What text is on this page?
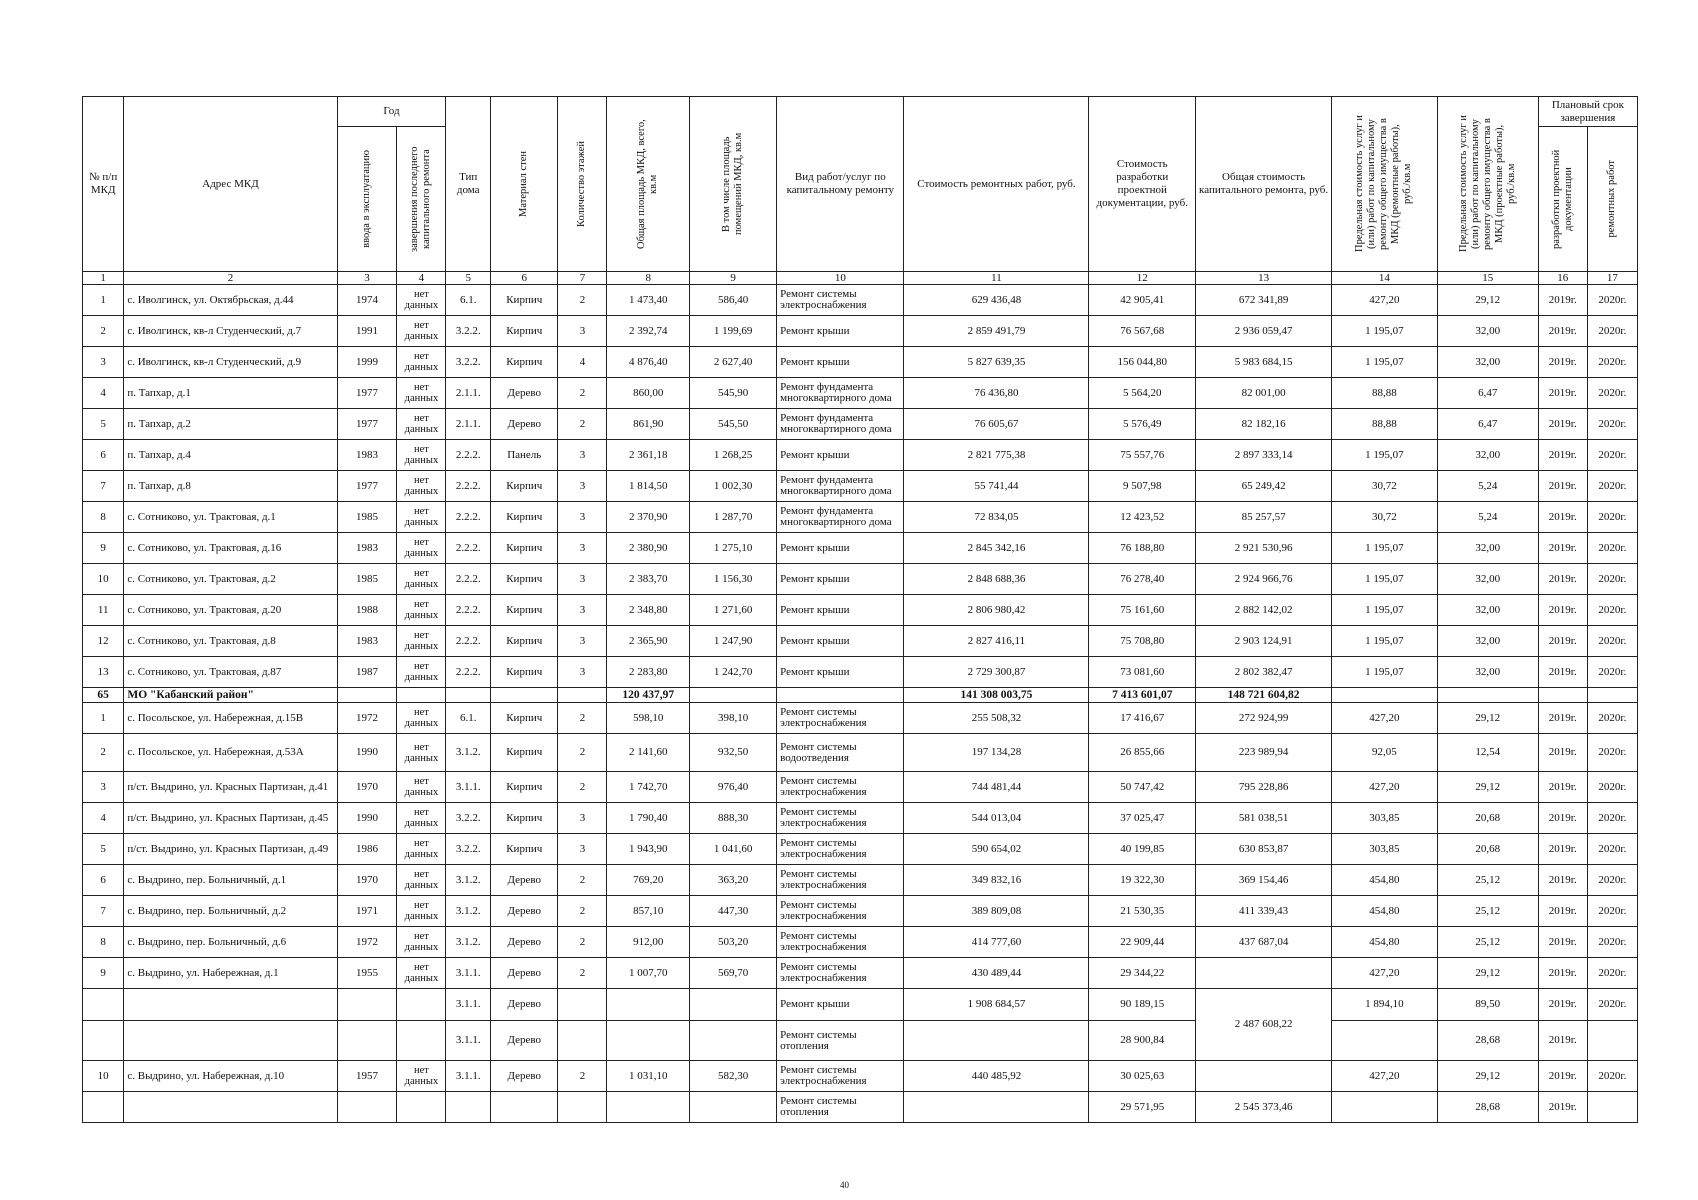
№ п/п МКД	Адрес МКД	Год		Тип дома	Материал стен	Количество этажей	Общая площадь МКД, всего, кв.м	В том числе площадь помещений МКД, кв.м	Вид работ/услуг по капитальному ремонту	Стоимость ремонтных работ, руб.	Стоимость разработки проектной документации, руб.	Общая стоимость капитального ремонта, руб.	Предельная стоимость услуг и (или) работ по капитальному ремонту общего имущества в МКД (ремонтные работы), руб./кв.м	Предельная стоимость услуг и (или) работ по капитальному ремонту общего имущества в МКД (проектные работы), руб./кв.м	Плановый срок завершения	

		ввода в эксплуатацию	завершения последнего капитального ремонта												разработки проектной документации	ремонтных работ

1	2	3	4	5	6	7	8	9	10	11	12	13	14	15	16	17
1	с. Иволгинск, ул. Октябрьская, д.44	1974	нет данных	6.1.	Кирпич	2	1 473,40	586,40	Ремонт системы электроснабжения	629 436,48	42 905,41	672 341,89	427,20	29,12	2019г.	2020г.
2	с. Иволгинск, кв-л Студенческий, д.7	1991	нет данных	3.2.2.	Кирпич	3	2 392,74	1 199,69	Ремонт крыши	2 859 491,79	76 567,68	2 936 059,47	1 195,07	32,00	2019г.	2020г.
3	с. Иволгинск, кв-л Студенческий, д.9	1999	нет данных	3.2.2.	Кирпич	4	4 876,40	2 627,40	Ремонт крыши	5 827 639,35	156 044,80	5 983 684,15	1 195,07	32,00	2019г.	2020г.
4	п. Тапхар, д.1	1977	нет данных	2.1.1.	Дерево	2	860,00	545,90	Ремонт фундамента многоквартирного дома	76 436,80	5 564,20	82 001,00	88,88	6,47	2019г.	2020г.
5	п. Тапхар, д.2	1977	нет данных	2.1.1.	Дерево	2	861,90	545,50	Ремонт фундамента многоквартирного дома	76 605,67	5 576,49	82 182,16	88,88	6,47	2019г.	2020г.
6	п. Тапхар, д.4	1983	нет данных	2.2.2.	Панель	3	2 361,18	1 268,25	Ремонт крыши	2 821 775,38	75 557,76	2 897 333,14	1 195,07	32,00	2019г.	2020г.
7	п. Тапхар, д.8	1977	нет данных	2.2.2.	Кирпич	3	1 814,50	1 002,30	Ремонт фундамента многоквартирного дома	55 741,44	9 507,98	65 249,42	30,72	5,24	2019г.	2020г.
8	с. Сотниково, ул. Трактовая, д.1	1985	нет данных	2.2.2.	Кирпич	3	2 370,90	1 287,70	Ремонт фундамента многоквартирного дома	72 834,05	12 423,52	85 257,57	30,72	5,24	2019г.	2020г.
9	с. Сотниково, ул. Трактовая, д.16	1983	нет данных	2.2.2.	Кирпич	3	2 380,90	1 275,10	Ремонт крыши	2 845 342,16	76 188,80	2 921 530,96	1 195,07	32,00	2019г.	2020г.
10	с. Сотниково, ул. Трактовая, д.2	1985	нет данных	2.2.2.	Кирпич	3	2 383,70	1 156,30	Ремонт крыши	2 848 688,36	76 278,40	2 924 966,76	1 195,07	32,00	2019г.	2020г.
11	с. Сотниково, ул. Трактовая, д.20	1988	нет данных	2.2.2.	Кирпич	3	2 348,80	1 271,60	Ремонт крыши	2 806 980,42	75 161,60	2 882 142,02	1 195,07	32,00	2019г.	2020г.
12	с. Сотниково, ул. Трактовая, д.8	1983	нет данных	2.2.2.	Кирпич	3	2 365,90	1 247,90	Ремонт крыши	2 827 416,11	75 708,80	2 903 124,91	1 195,07	32,00	2019г.	2020г.
13	с. Сотниково, ул. Трактовая, д.87	1987	нет данных	2.2.2.	Кирпич	3	2 283,80	1 242,70	Ремонт крыши	2 729 300,87	73 081,60	2 802 382,47	1 195,07	32,00	2019г.	2020г.
65	МО "Кабанский район"						120 437,97			141 308 003,75	7 413 601,07	148 721 604,82				
1	с. Посольское, ул. Набережная, д.15В	1972	нет данных	6.1.	Кирпич	2	598,10	398,10	Ремонт системы электроснабжения	255 508,32	17 416,67	272 924,99	427,20	29,12	2019г.	2020г.
2	с. Посольское, ул. Набережная, д.53А	1990	нет данных	3.1.2.	Кирпич	2	2 141,60	932,50	Ремонт системы водоотведения	197 134,28	26 855,66	223 989,94	92,05	12,54	2019г.	2020г.
3	п/ст. Выдрино, ул. Красных Партизан, д.41	1970	нет данных	3.1.1.	Кирпич	2	1 742,70	976,40	Ремонт системы электроснабжения	744 481,44	50 747,42	795 228,86	427,20	29,12	2019г.	2020г.
4	п/ст. Выдрино, ул. Красных Партизан, д.45	1990	нет данных	3.2.2.	Кирпич	3	1 790,40	888,30	Ремонт системы электроснабжения	544 013,04	37 025,47	581 038,51	303,85	20,68	2019г.	2020г.
5	п/ст. Выдрино, ул. Красных Партизан, д.49	1986	нет данных	3.2.2.	Кирпич	3	1 943,90	1 041,60	Ремонт системы электроснабжения	590 654,02	40 199,85	630 853,87	303,85	20,68	2019г.	2020г.
6	с. Выдрино, пер. Больничный, д.1	1970	нет данных	3.1.2.	Дерево	2	769,20	363,20	Ремонт системы электроснабжения	349 832,16	19 322,30	369 154,46	454,80	25,12	2019г.	2020г.
7	с. Выдрино, пер. Больничный, д.2	1971	нет данных	3.1.2.	Дерево	2	857,10	447,30	Ремонт системы электроснабжения	389 809,08	21 530,35	411 339,43	454,80	25,12	2019г.	2020г.
8	с. Выдрино, пер. Больничный, д.6	1972	нет данных	3.1.2.	Дерево	2	912,00	503,20	Ремонт системы электроснабжения	414 777,60	22 909,44	437 687,04	454,80	25,12	2019г.	2020г.
9	с. Выдрино, ул. Набережная, д.1	1955	нет данных	3.1.1.	Дерево	2	1 007,70	569,70	Ремонт системы электроснабжения	430 489,44	29 344,22		427,20	29,12	2019г.	2020г.
				3.1.1.	Дерево				Ремонт крыши	1 908 684,57	90 189,15	2 487 608,22	1 894,10	89,50	2019г.	2020г.
				3.1.1.	Дерево				Ремонт системы отопления		28 900,84			28,68	2019г.	
10	с. Выдрино, ул. Набережная, д.10	1957	нет данных	3.1.1.	Дерево	2	1 031,10	582,30	Ремонт системы электроснабжения	440 485,92	30 025,63		427,20	29,12	2019г.	2020г.
									Ремонт системы отопления		29 571,95	2 545 373,46		28,68	2019г.	
40
